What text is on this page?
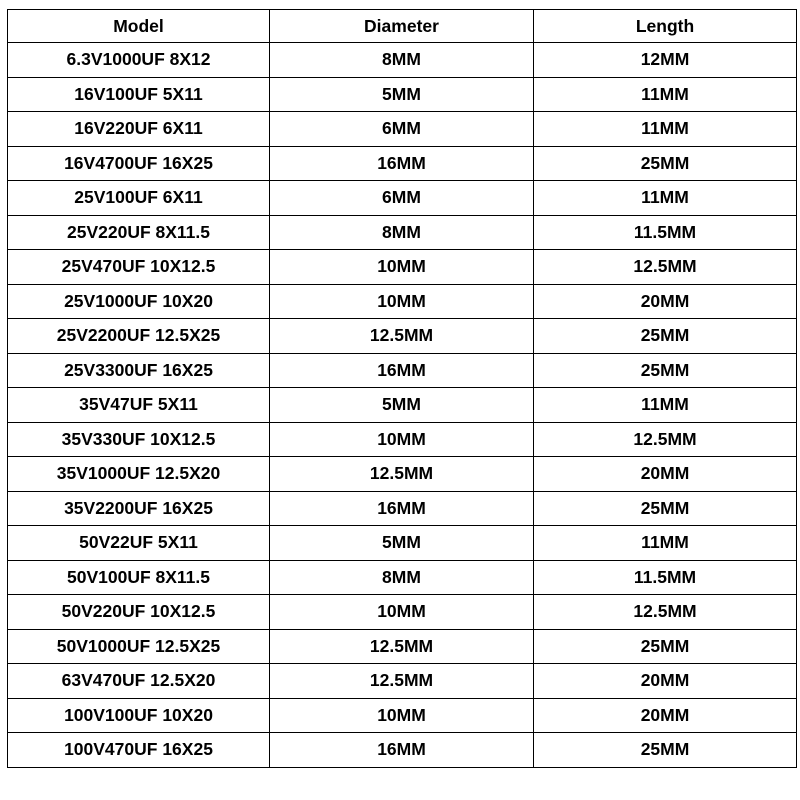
Model	Diameter	Length
6.3V1000UF 8X12	8MM	12MM
16V100UF 5X11	5MM	11MM
16V220UF 6X11	6MM	11MM
16V4700UF 16X25	16MM	25MM
25V100UF 6X11	6MM	11MM
25V220UF 8X11.5	8MM	11.5MM
25V470UF 10X12.5	10MM	12.5MM
25V1000UF 10X20	10MM	20MM
25V2200UF 12.5X25	12.5MM	25MM
25V3300UF 16X25	16MM	25MM
35V47UF 5X11	5MM	11MM
35V330UF 10X12.5	10MM	12.5MM
35V1000UF 12.5X20	12.5MM	20MM
35V2200UF 16X25	16MM	25MM
50V22UF 5X11	5MM	11MM
50V100UF 8X11.5	8MM	11.5MM
50V220UF 10X12.5	10MM	12.5MM
50V1000UF 12.5X25	12.5MM	25MM
63V470UF 12.5X20	12.5MM	20MM
100V100UF 10X20	10MM	20MM
100V470UF 16X25	16MM	25MM
